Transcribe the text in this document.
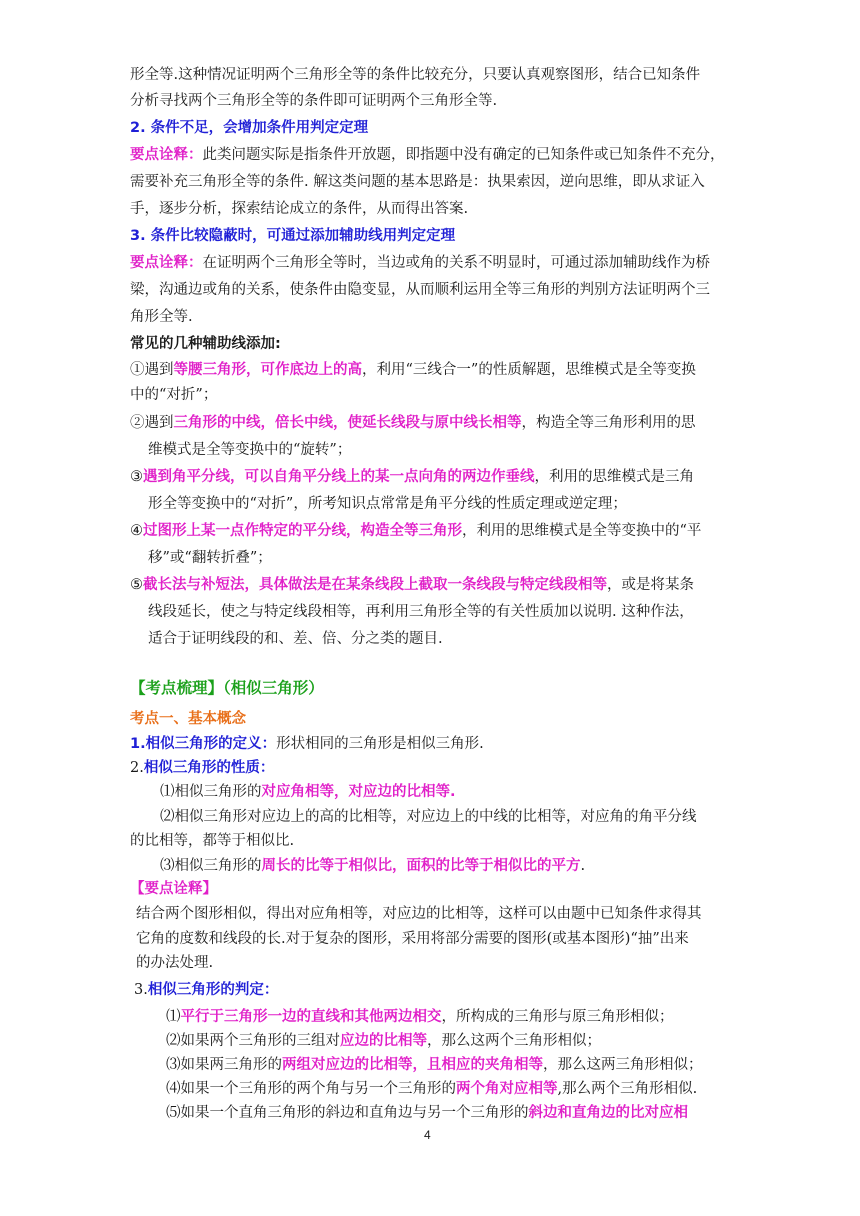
形全等.这种情况证明两个三角形全等的条件比较充分，只要认真观察图形，结合已知条件
分析寻找两个三角形全等的条件即可证明两个三角形全等.
2. 条件不足，会增加条件用判定定理
要点诠释：此类问题实际是指条件开放题，即指题中没有确定的已知条件或已知条件不充分，
需要补充三角形全等的条件. 解这类问题的基本思路是：执果索因，逆向思维，即从求证入
手，逐步分析，探索结论成立的条件，从而得出答案.
3. 条件比较隐蔽时，可通过添加辅助线用判定定理
要点诠释：在证明两个三角形全等时，当边或角的关系不明显时，可通过添加辅助线作为桥
梁，沟通边或角的关系，使条件由隐变显，从而顺利运用全等三角形的判别方法证明两个三
角形全等.
常见的几种辅助线添加:
①遇到等腰三角形，可作底边上的高，利用“三线合一”的性质解题，思维模式是全等变换
中的“对折”；
②遇到三角形的中线，倍长中线，使延长线段与原中线长相等，构造全等三角形利用的思
维模式是全等变换中的“旋转”；
③遇到角平分线，可以自角平分线上的某一点向角的两边作垂线，利用的思维模式是三角
形全等变换中的“对折”，所考知识点常常是角平分线的性质定理或逆定理；
④过图形上某一点作特定的平分线，构造全等三角形，利用的思维模式是全等变换中的“平
移”或“翻转折叠”；
⑤截长法与补短法，具体做法是在某条线段上截取一条线段与特定线段相等，或是将某条
线段延长，使之与特定线段相等，再利用三角形全等的有关性质加以说明. 这种作法，
适合于证明线段的和、差、倍、分之类的题目.
【考点梳理】（相似三角形）
考点一、基本概念
1.相似三角形的定义：形状相同的三角形是相似三角形.
2.相似三角形的性质：
⑴相似三角形的对应角相等，对应边的比相等.
⑵相似三角形对应边上的高的比相等，对应边上的中线的比相等，对应角的角平分线
的比相等，都等于相似比.
⑶相似三角形的周长的比等于相似比，面积的比等于相似比的平方.
【要点诠释】
结合两个图形相似，得出对应角相等，对应边的比相等，这样可以由题中已知条件求得其
它角的度数和线段的长.对于复杂的图形，采用将部分需要的图形(或基本图形)“抽”出来
的办法处理.
3.相似三角形的判定：
⑴平行于三角形一边的直线和其他两边相交，所构成的三角形与原三角形相似；
⑵如果两个三角形的三组对应边的比相等，那么这两个三角形相似；
⑶如果两三角形的两组对应边的比相等，且相应的夹角相等，那么这两三角形相似；
⑷如果一个三角形的两个角与另一个三角形的两个角对应相等,那么两个三角形相似.
⑸如果一个直角三角形的斜边和直角边与另一个三角形的斜边和直角边的比对应相
4
